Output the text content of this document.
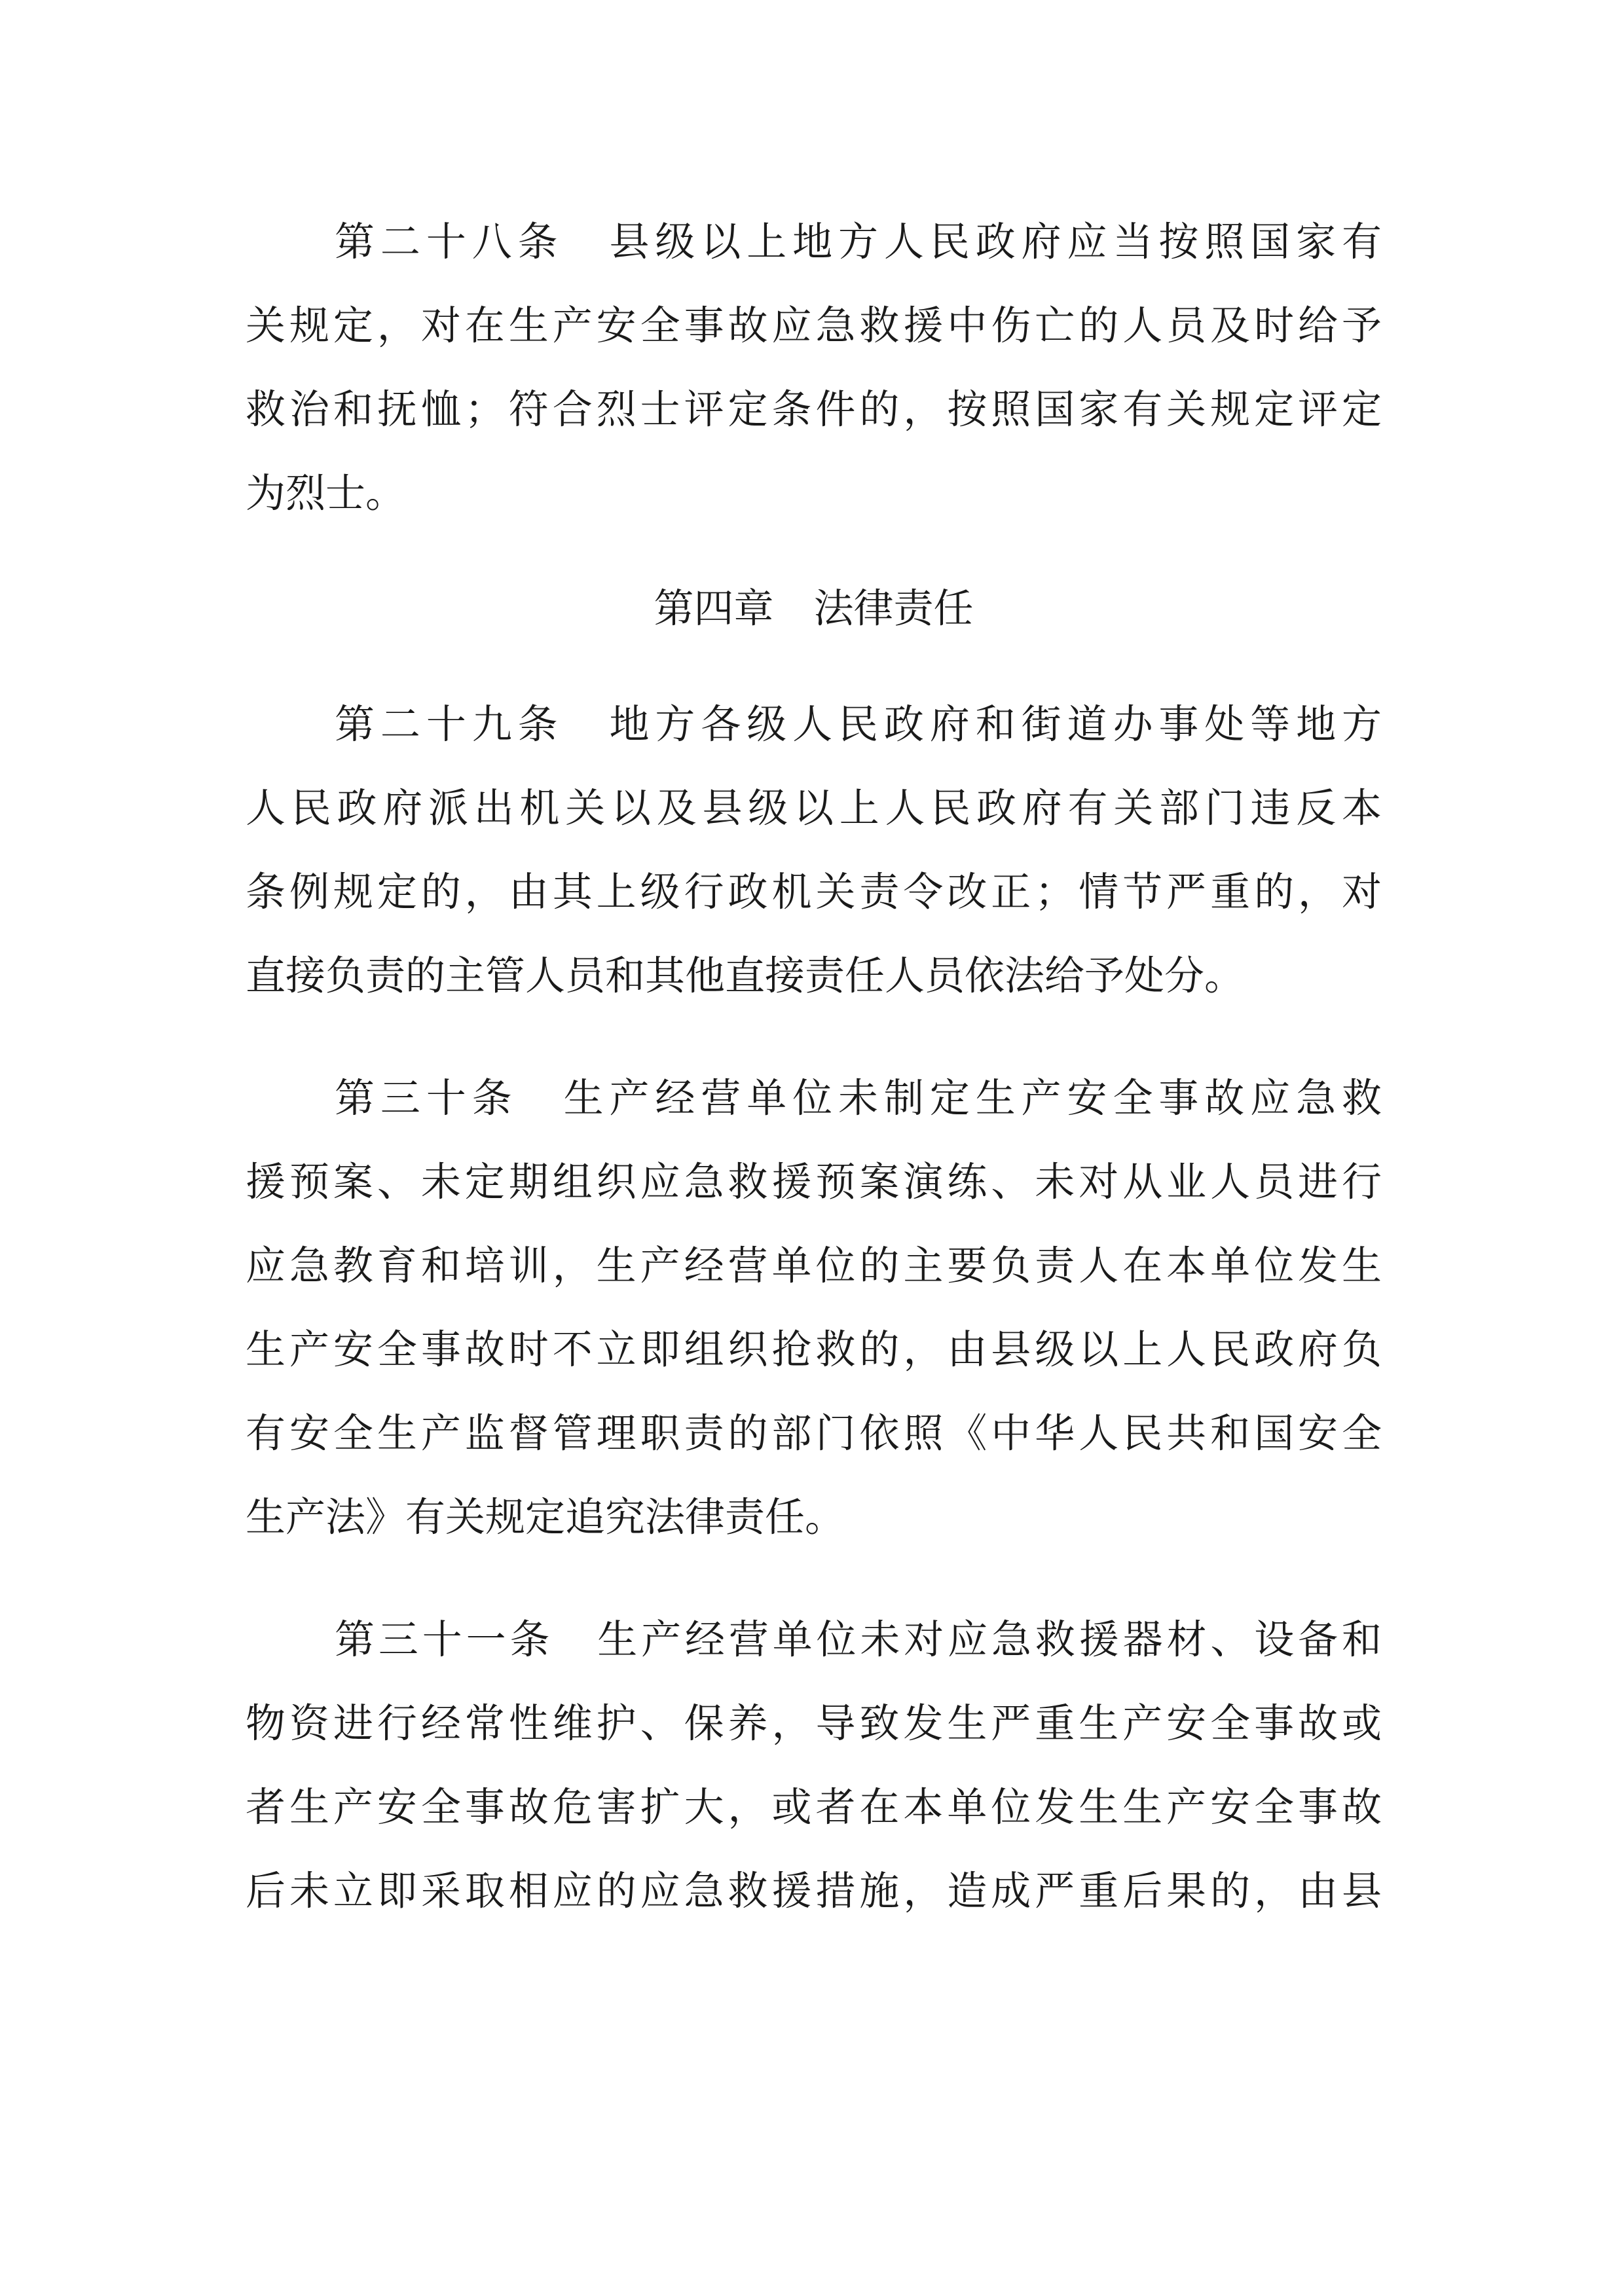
第二十八条　 县级以上地方人民政府应当按照国家有
关规定，对在生产安全事故应急救援中伤亡的人员及时给予
救治和抚恤；符合烈士评定条件的，按照国家有关规定评定
为烈士。
第四章　法律责任
第二十九条　 地方各级人民政府和街道办事处等地方
人民政府派出机关以及县级以上人民政府有关部门违反本
条例规定的，由其上级行政机关责令改正；情节严重的，对
直接负责的主管人员和其他直接责任人员依法给予处分。
第三十条　 生产经营单位未制定生产安全事故应急救
援预案、未定期组织应急救援预案演练、未对从业人员进行
应急教育和培训，生产经营单位的主要负责人在本单位发生
生产安全事故时不立即组织抢救的，由县级以上人民政府负
有安全生产监督管理职责的部门依照《中华人民共和国安全
生产法》有关规定追究法律责任。
第三十一条　 生产经营单位未对应急救援器材、设备和
物资进行经常性维护、保养，导致发生严重生产安全事故或
者生产安全事故危害扩大，或者在本单位发生生产安全事故
后未立即采取相应的应急救援措施，造成严重后果的，由县
